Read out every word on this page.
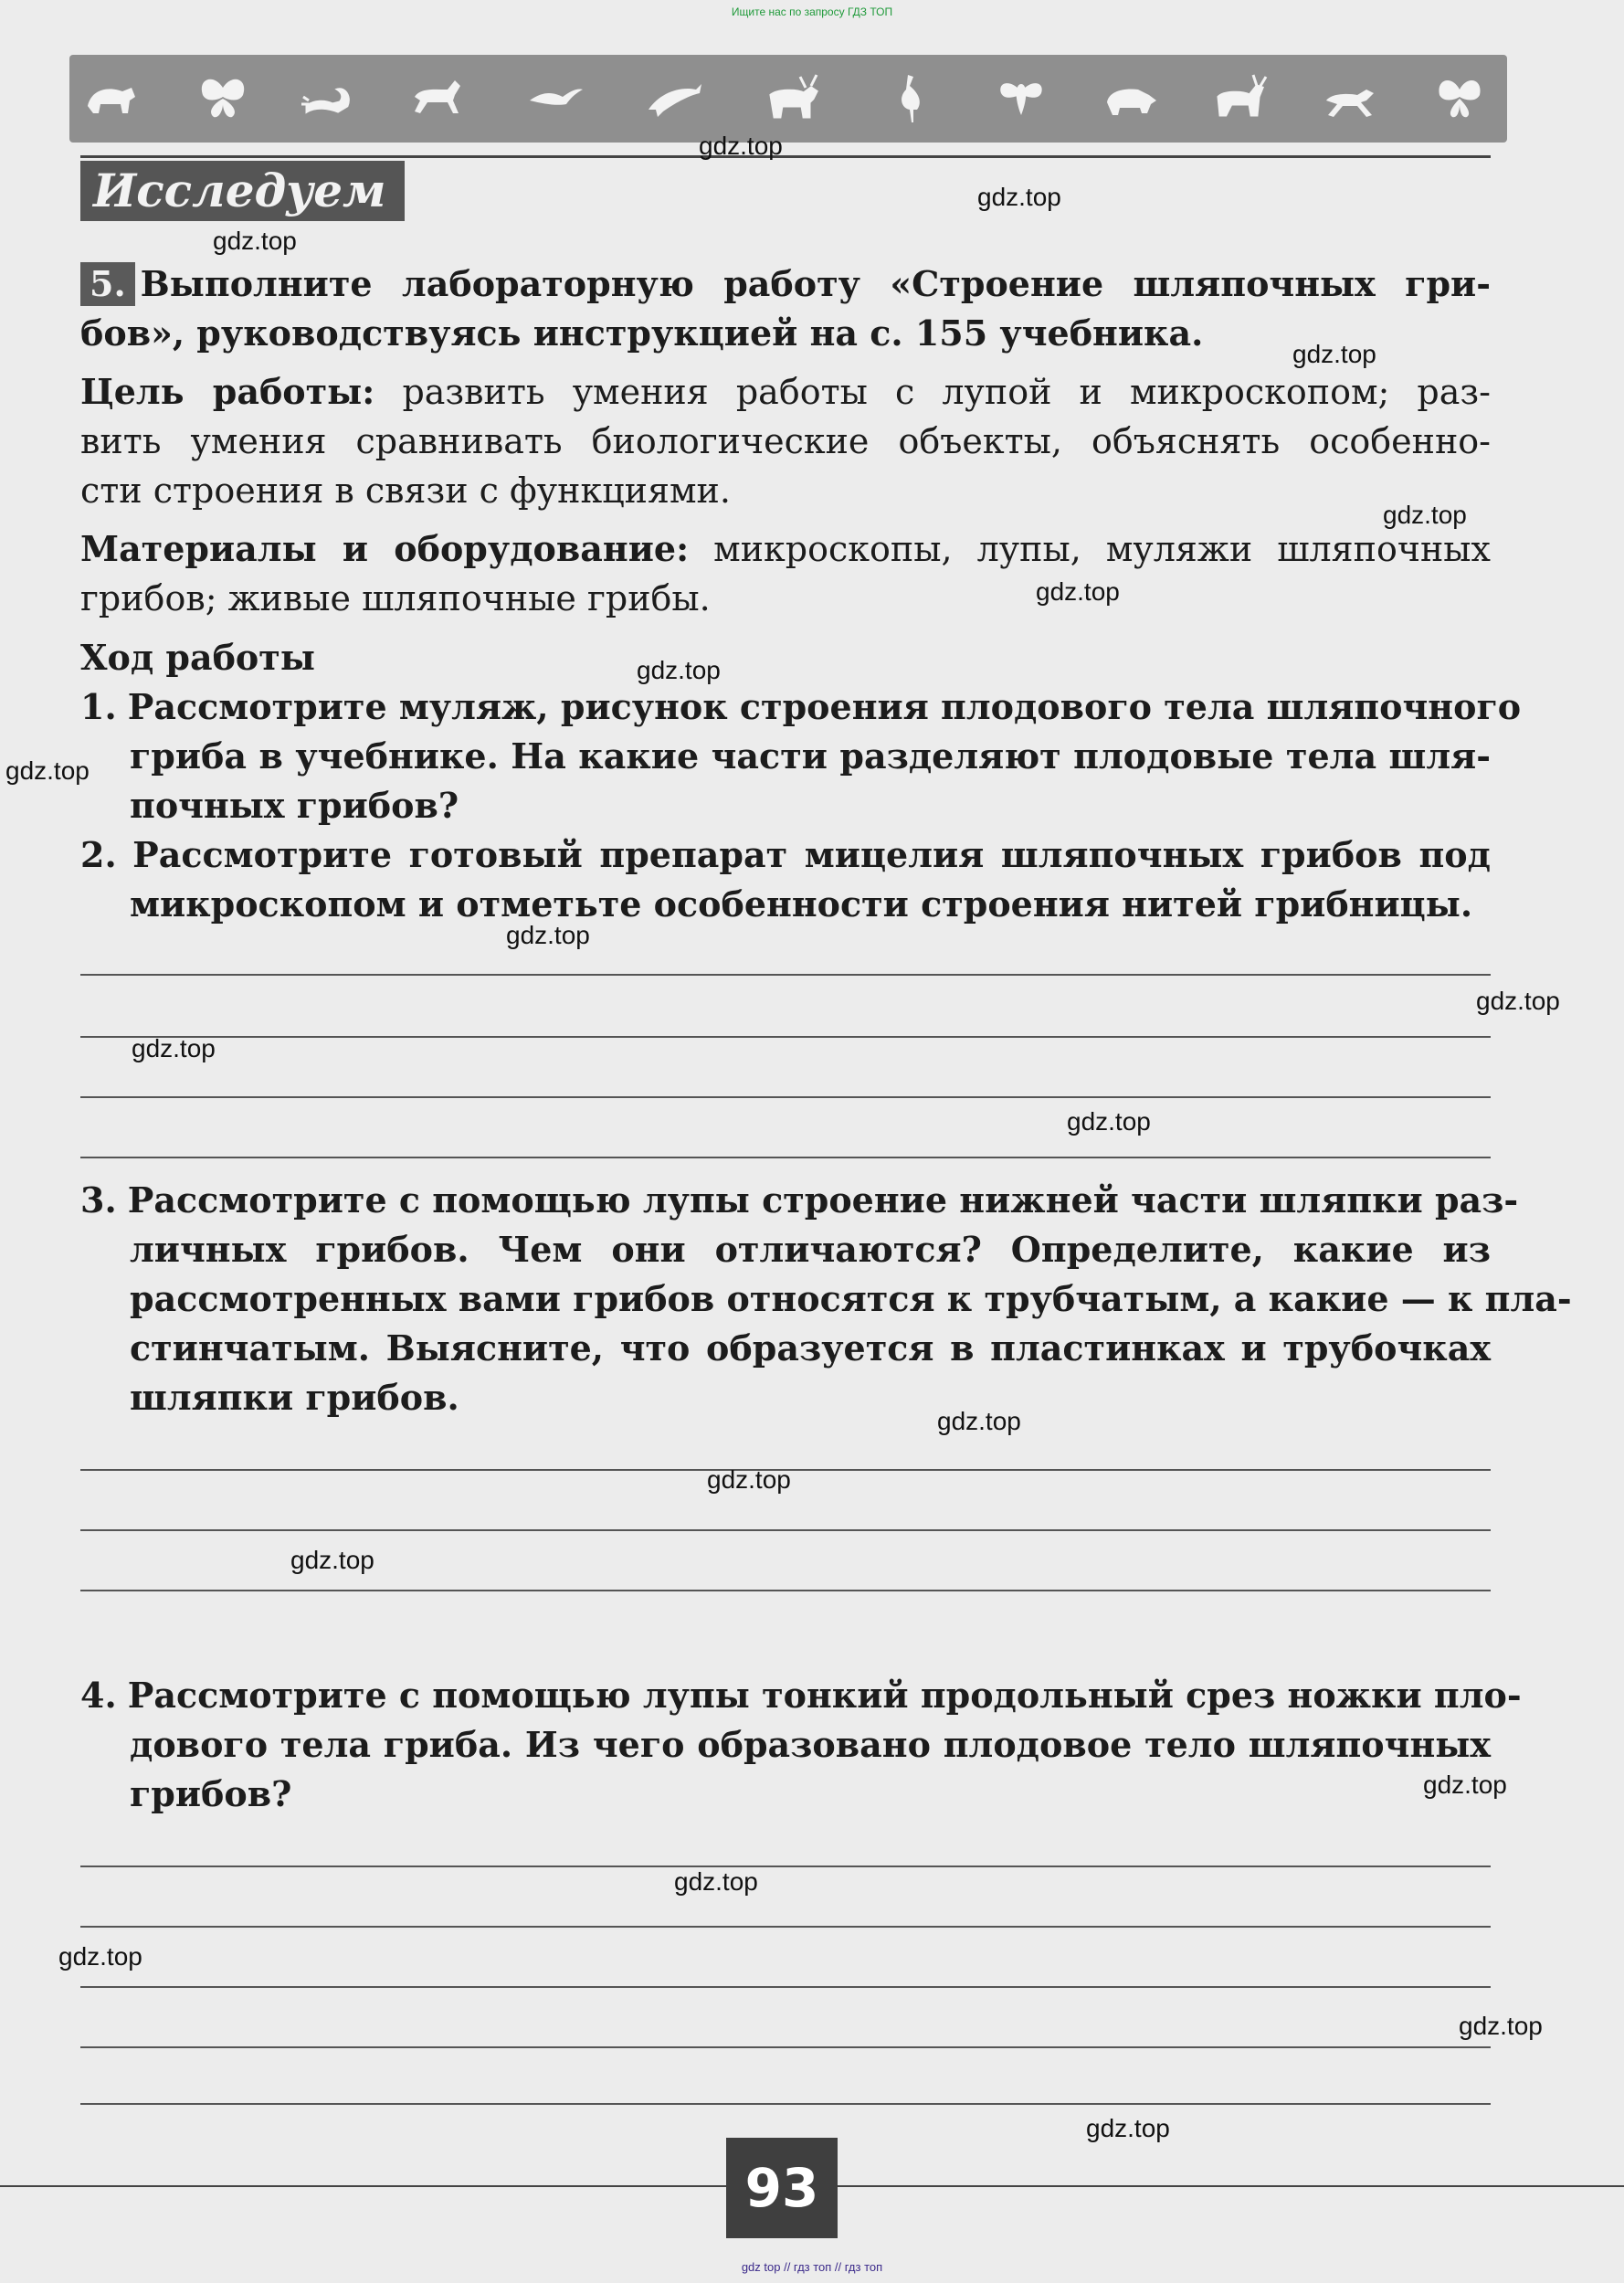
Ищите нас по запросу ГДЗ ТОП
Исследуем
5. Выполните лабораторную работу «Строение шляпочных гри-
бов», руководствуясь инструкцией на с. 155 учебника.
Цель работы: развить умения работы с лупой и микроскопом; раз-
вить умения сравнивать биологические объекты, объяснять особенно-
сти строения в связи с функциями.
Материалы и оборудование: микроскопы, лупы, муляжи шляпочных
грибов; живые шляпочные грибы.
Ход работы
1. Рассмотрите муляж, рисунок строения плодового тела шляпочного
гриба в учебнике. На какие части разделяют плодовые тела шля-
почных грибов?
2. Рассмотрите готовый препарат мицелия шляпочных грибов под
микроскопом и отметьте особенности строения нитей грибницы.
3. Рассмотрите с помощью лупы строение нижней части шляпки раз-
личных грибов. Чем они отличаются? Определите, какие из
рассмотренных вами грибов относятся к трубчатым, а какие — к пла-
стинчатым. Выясните, что образуется в пластинках и трубочках
шляпки грибов.
4. Рассмотрите с помощью лупы тонкий продольный срез ножки пло-
дового тела гриба. Из чего образовано плодовое тело шляпочных
грибов?
gdz.top
gdz.top
gdz.top
gdz.top
gdz.top
gdz.top
gdz.top
gdz.top
gdz.top
gdz.top
gdz.top
gdz.top
gdz.top
gdz.top
gdz.top
gdz.top
gdz.top
gdz.top
gdz.top
gdz.top
93
gdz top // гдз топ // гдз топ
